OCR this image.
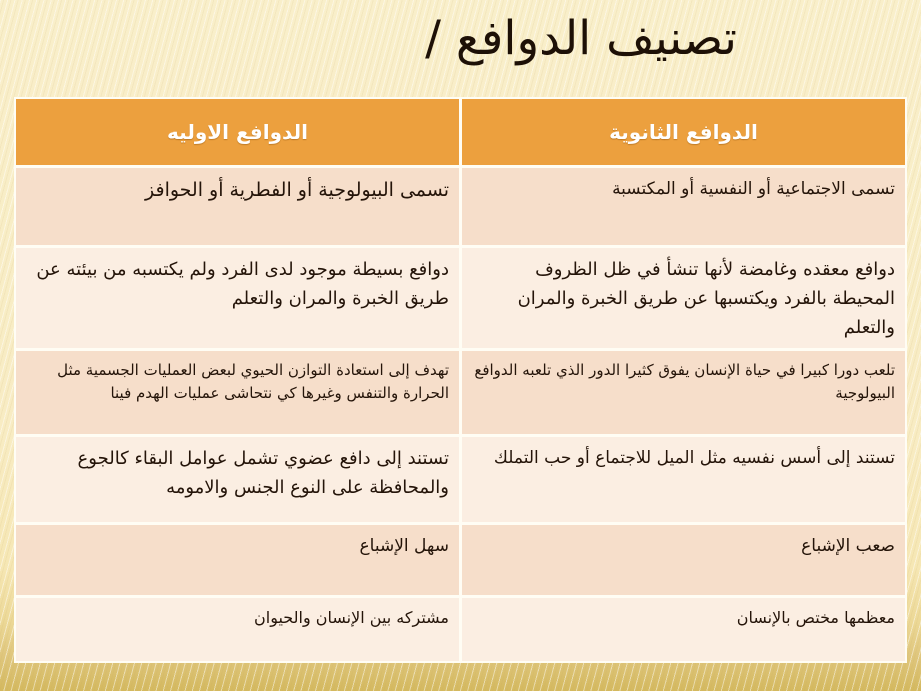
تصنيف الدوافع /
الدوافع الثانوية
الدوافع الاوليه
تسمى الاجتماعية أو النفسية أو المكتسبة
تسمى البيولوجية أو الفطرية أو الحوافز
دوافع معقده وغامضة لأنها تنشأ في ظل الظروف المحيطة بالفرد ويكتسبها عن طريق الخبرة والمران والتعلم
دوافع بسيطة موجود لدى الفرد ولم يكتسبه من بيئته عن طريق الخبرة والمران والتعلم
تلعب دورا كبيرا في حياة الإنسان يفوق كثيرا الدور الذي تلعبه الدوافع البيولوجية
تهدف إلى استعادة التوازن الحيوي لبعض العمليات الجسمية مثل الحرارة والتنفس وغيرها كي نتحاشى عمليات الهدم فينا
تستند إلى أسس نفسيه مثل الميل للاجتماع أو حب التملك
تستند إلى دافع عضوي تشمل عوامل البقاء كالجوع والمحافظة على النوع الجنس والامومه
صعب الإشباع
سهل الإشباع
معظمها مختص بالإنسان
مشتركه بين الإنسان والحيوان
